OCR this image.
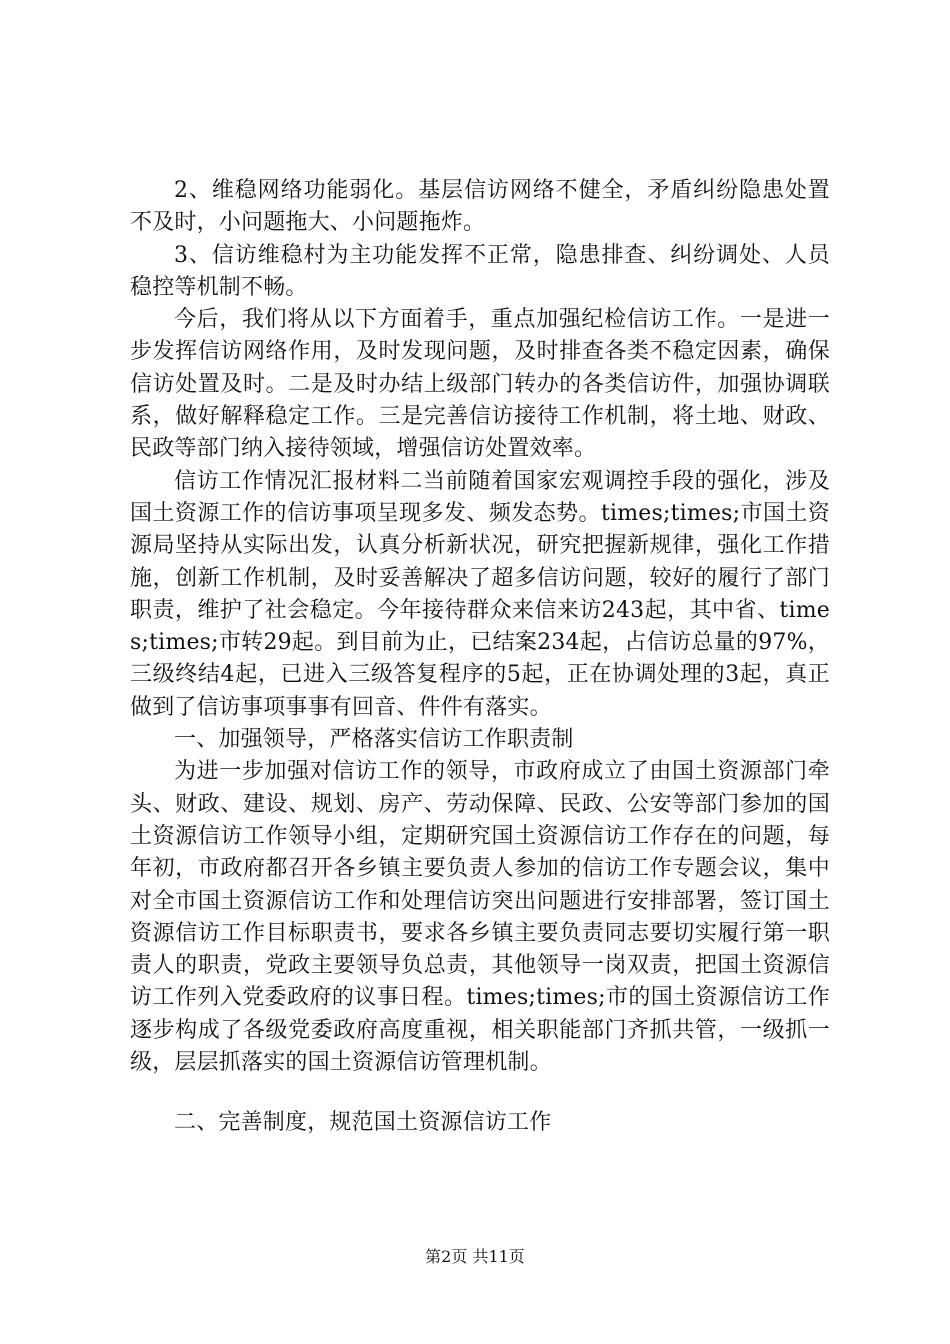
2、维稳网络功能弱化。基层信访网络不健全，矛盾纠纷隐患处置不及时，小问题拖大、小问题拖炸。

3、信访维稳村为主功能发挥不正常，隐患排查、纠纷调处、人员稳控等机制不畅。

今后，我们将从以下方面着手，重点加强纪检信访工作。一是进一步发挥信访网络作用，及时发现问题，及时排查各类不稳定因素，确保信访处置及时。二是及时办结上级部门转办的各类信访件，加强协调联系，做好解释稳定工作。三是完善信访接待工作机制，将土地、财政、民政等部门纳入接待领域，增强信访处置效率。

信访工作情况汇报材料二当前随着国家宏观调控手段的强化，涉及国土资源工作的信访事项呈现多发、频发态势。times;times;市国土资源局坚持从实际出发，认真分析新状况，研究把握新规律，强化工作措施，创新工作机制，及时妥善解决了超多信访问题，较好的履行了部门职责，维护了社会稳定。今年接待群众来信来访243起，其中省、times;times;市转29起。到目前为止，已结案234起，占信访总量的97%，三级终结4起，已进入三级答复程序的5起，正在协调处理的3起，真正做到了信访事项事事有回音、件件有落实。

一、加强领导，严格落实信访工作职责制

为进一步加强对信访工作的领导，市政府成立了由国土资源部门牵头、财政、建设、规划、房产、劳动保障、民政、公安等部门参加的国土资源信访工作领导小组，定期研究国土资源信访工作存在的问题，每年初，市政府都召开各乡镇主要负责人参加的信访工作专题会议，集中对全市国土资源信访工作和处理信访突出问题进行安排部署，签订国土资源信访工作目标职责书，要求各乡镇主要负责同志要切实履行第一职责人的职责，党政主要领导负总责，其他领导一岗双责，把国土资源信访工作列入党委政府的议事日程。times;times;市的国土资源信访工作逐步构成了各级党委政府高度重视，相关职能部门齐抓共管，一级抓一级，层层抓落实的国土资源信访管理机制。

二、完善制度，规范国土资源信访工作

第2页 共11页
